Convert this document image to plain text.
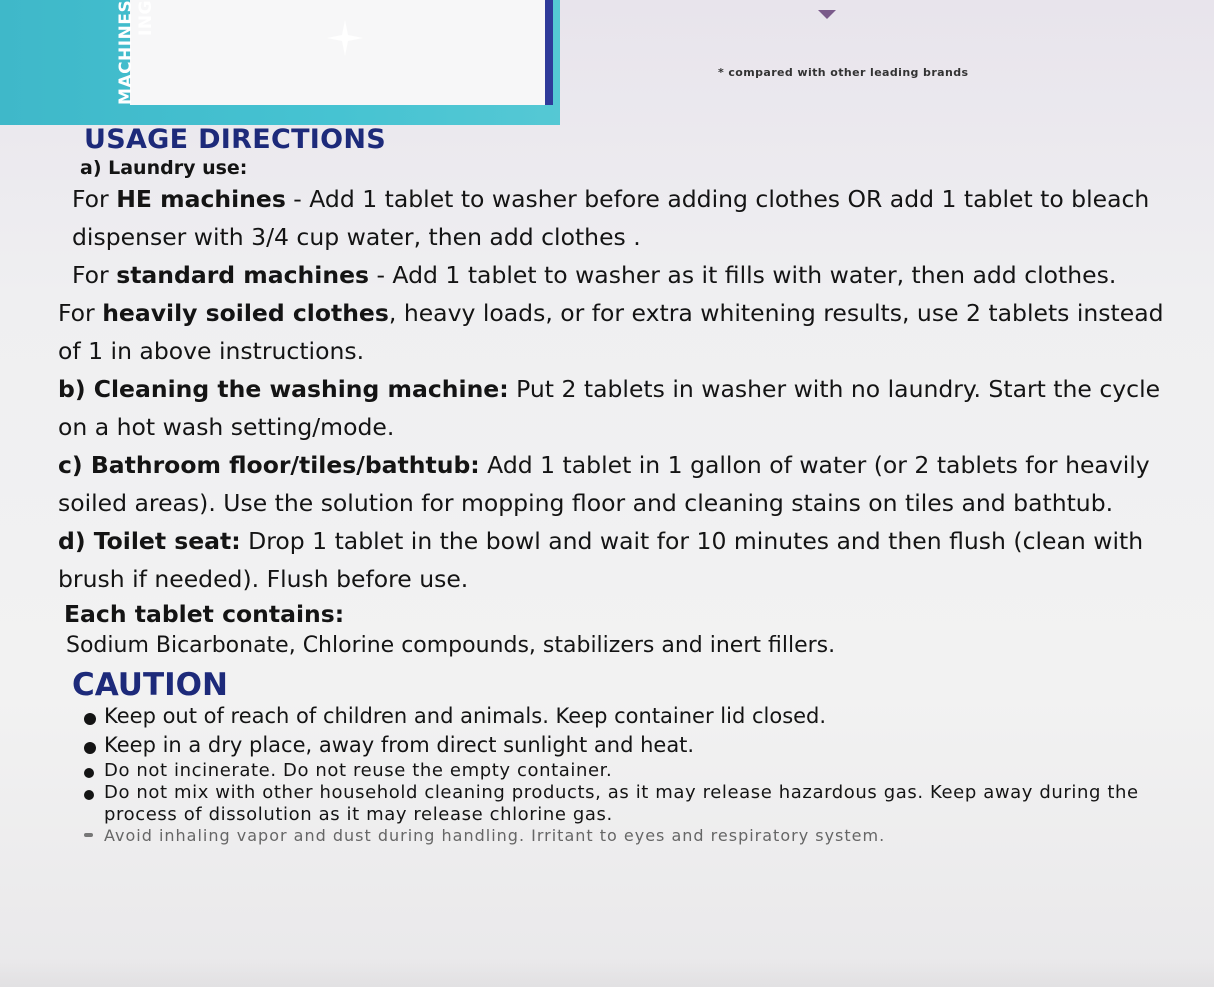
MACHINES ING
* compared with other leading brands
USAGE DIRECTIONS
a) Laundry use:

For HE machines - Add 1 tablet to washer before adding clothes OR add 1 tablet to bleach dispenser with 3/4 cup water, then add clothes .

For standard machines - Add 1 tablet to washer as it fills with water, then add clothes.

For heavily soiled clothes, heavy loads, or for extra whitening results, use 2 tablets instead of 1 in above instructions.

b) Cleaning the washing machine: Put 2 tablets in washer with no laundry. Start the cycle on a hot wash setting/mode.

c) Bathroom floor/tiles/bathtub: Add 1 tablet in 1 gallon of water (or 2 tablets for heavily soiled areas). Use the solution for mopping floor and cleaning stains on tiles and bathtub.

d) Toilet seat: Drop 1 tablet in the bowl and wait for 10 minutes and then flush (clean with brush if needed). Flush before use.

Each tablet contains:

Sodium Bicarbonate, Chlorine compounds, stabilizers and inert fillers.

CAUTION
Keep out of reach of children and animals. Keep container lid closed.
Keep in a dry place, away from direct sunlight and heat.
Do not incinerate. Do not reuse the empty container.
Do not mix with other household cleaning products, as it may release hazardous gas. Keep away during the process of dissolution as it may release chlorine gas.
Avoid inhaling vapor and dust during handling. Irritant to eyes and respiratory system.
